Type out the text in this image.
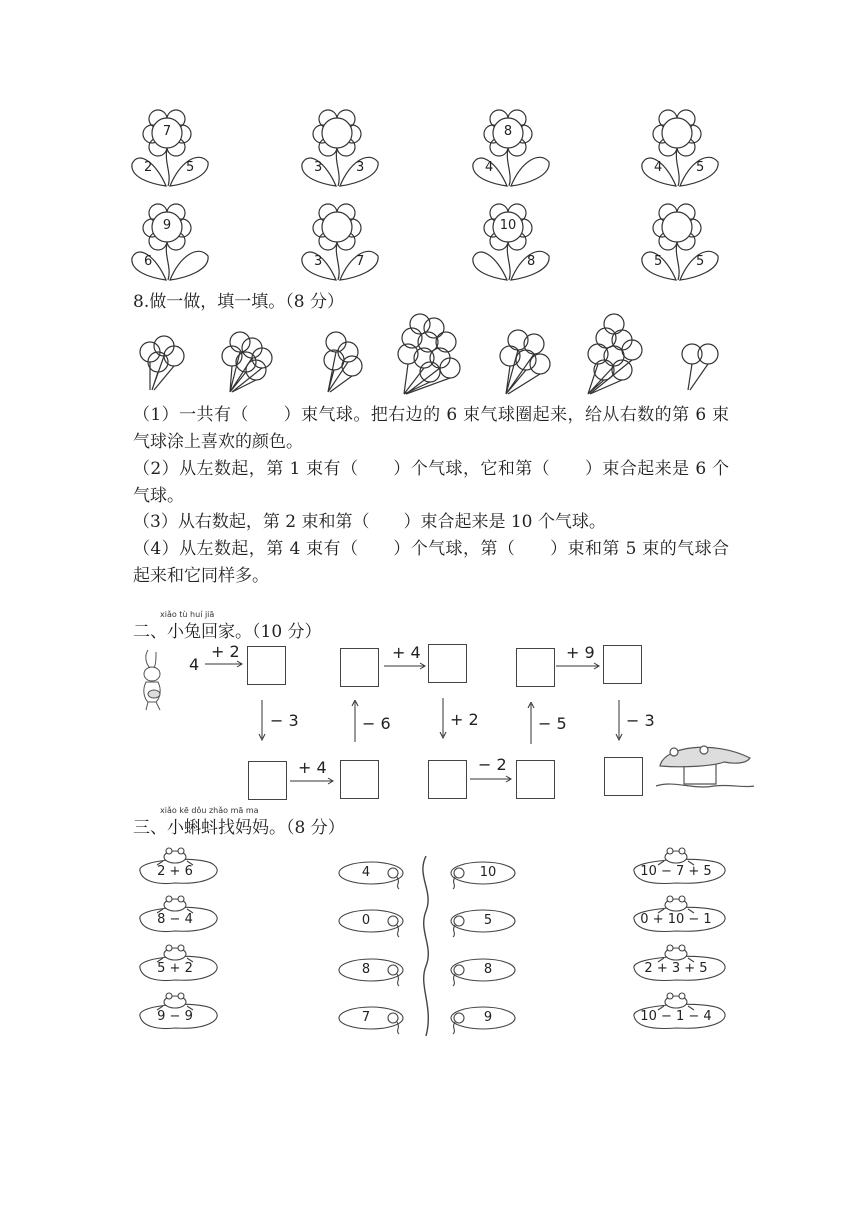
7
2	5	3	3
8
4	4	5
9
6	3	7
10
8	5	5
8.做一做，填一填。（8 分）
（1）一共有（　　）束气球。把右边的 6 束气球圈起来，给从右数的第 6 束气球涂上喜欢的颜色。
（2）从左数起，第 1 束有（　　）个气球，它和第（　　）束合起来是 6 个气球。
（3）从右数起，第 2 束和第（　　）束合起来是 10 个气球。
（4）从左数起，第 4 束有（　　）个气球，第（　　）束和第 5 束的气球合起来和它同样多。
xiǎo tù huí jiā
二、小兔回家。（10 分）
4
+ 2	+ 4	+ 9
− 3	− 6	+ 2	− 5	− 3
+ 4	− 2
xiǎo kē dǒu zhǎo mā ma
三、小蝌蚪找妈妈。（8 分）
2 + 6	4	10	10 − 7 + 5
8 − 4	0	5	0 + 10 − 1
5 + 2	8	8	2 + 3 + 5
9 − 9	7	9	10 − 1 − 4
